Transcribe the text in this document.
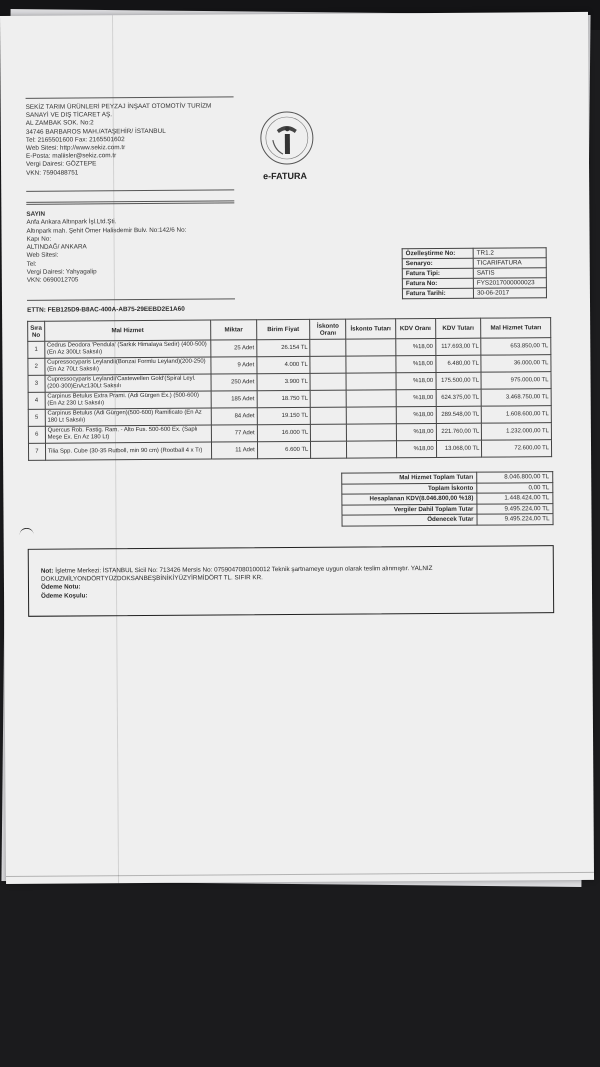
SEKİZ TARIM ÜRÜNLERİ PEYZAJ İNŞAAT OTOMOTİV TURİZM
SANAYİ VE DIŞ TİCARET AŞ.
AL ZAMBAK SOK. No:2
34746 BARBAROS MAH./ATAŞEHİR/ İSTANBUL
Tel: 2165501600 Fax: 2165501602
Web Sitesi: http://www.sekiz.com.tr
E-Posta: maliisler@sekiz.com.tr
Vergi Dairesi: GÖZTEPE
VKN: 7590488751	e-FATURA
SAYIN
Anfa Ankara Altınpark İşl.Ltd.Şti.
Altınpark mah. Şehit Ömer Halisdemir Bulv. No:142/6 No:
Kapı No:
ALTINDAĞ/ ANKARA
Web Sitesi:
Tel:
Vergi Dairesi: Yahyagalip
VKN: 0690012705
Özelleştirme No:	TR1.2
Senaryo:	TICARIFATURA
Fatura Tipi:	SATIS
Fatura No:	FYS2017000000023
Fatura Tarihi:	30-06-2017
ETTN: FEB125D9-B8AC-400A-AB75-29EEBD2E1A60
Sıra No	Mal Hizmet	Miktar	Birim Fiyat	İskonto Oranı	İskonto Tutarı	KDV Oranı	KDV Tutarı	Mal Hizmet Tutarı
1	Cedrus Deodora 'Pendula' (Sarkık Himalaya Sedir) (400-500) (En Az 300Lt Saksılı)	25 Adet	26.154 TL			%18,00	117.693,00 TL	653.850,00 TL
2	Cupressocyparis Leylandii(Bonzai Formlu Leyland)(200-250)(En Az 70Lt Saksılı)	9 Adet	4.000 TL			%18,00	6.480,00 TL	36.000,00 TL
3	Cupressocyparis Leylandii'Castewellen Gold'(Spiral Leyl.(200-300)EnAz130Lt Saksılı	250 Adet	3.900 TL			%18,00	175.500,00 TL	975.000,00 TL
4	Carpinus Betulus Extra Prami. (Adi Gürgen Ex.) (500-600) (En Az 230 Lt Saksılı)	185 Adet	18.750 TL			%18,00	624.375,00 TL	3.468.750,00 TL
5	Carpinus Betulus (Adi Gürgen)(500-600) Ramificato (En Az 180 Lt Saksılı)	84 Adet	19.150 TL			%18,00	289.548,00 TL	1.608.600,00 TL
6	Quercus Rob. Fastig. Ram. - Alto Fus. 500-600 Ex. (Saplı Meşe Ex. En Az 180 Lt)	77 Adet	16.000 TL			%18,00	221.760,00 TL	1.232.000,00 TL
7	Tilia Spp. Cube (30-35 Rutboll, min 90 cm) (Rootball 4 x Tr)	11 Adet	6.600 TL			%18,00	13.068,00 TL	72.600,00 TL
Mal Hizmet Toplam Tutarı	8.046.800,00 TL
Toplam İskonto	0,00 TL
Hesaplanan KDV(8.046.800,00 %18)	1.448.424,00 TL
Vergiler Dahil Toplam Tutar	9.495.224,00 TL
Ödenecek Tutar	9.495.224,00 TL
Not: İşletme Merkezi: İSTANBUL Sicil No: 713426 Mersis No: 0759047080100012 Teknik şartnameye uygun olarak teslim alınmıştır. YALNIZ DOKUZMİLYONDÖRTYÜZDOKSANBEŞBİNİKİYÜZYİRMİDÖRT TL. SIFIR KR.
Ödeme Notu:
Ödeme Koşulu:
